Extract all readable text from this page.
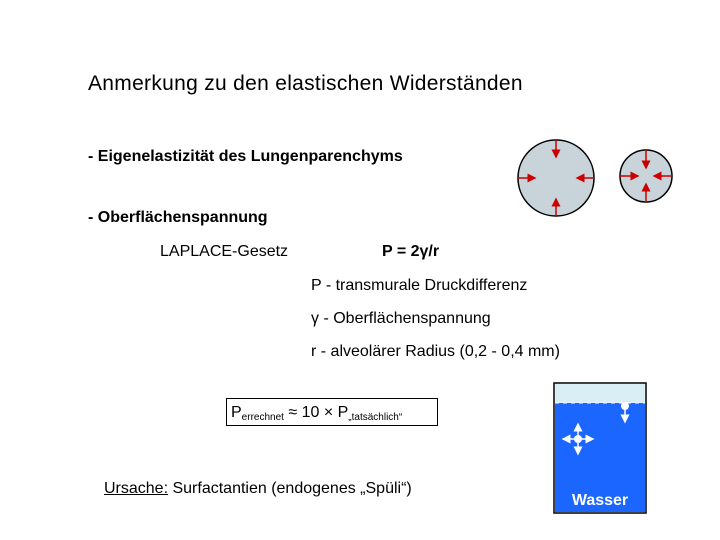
Anmerkung zu den elastischen Widerständen
- Eigenelastizität des Lungenparenchyms
- Oberflächenspannung
LAPLACE-Gesetz	P = 2γ/r
P - transmurale Druckdifferenz
γ - Oberflächenspannung
r - alveolärer Radius (0,2 - 0,4 mm)
$P_{errechnet} \approx 10 \times P_{„tatsächlich“}$
Ursache: Surfactantien (endogenes „Spüli“)
Wasser
